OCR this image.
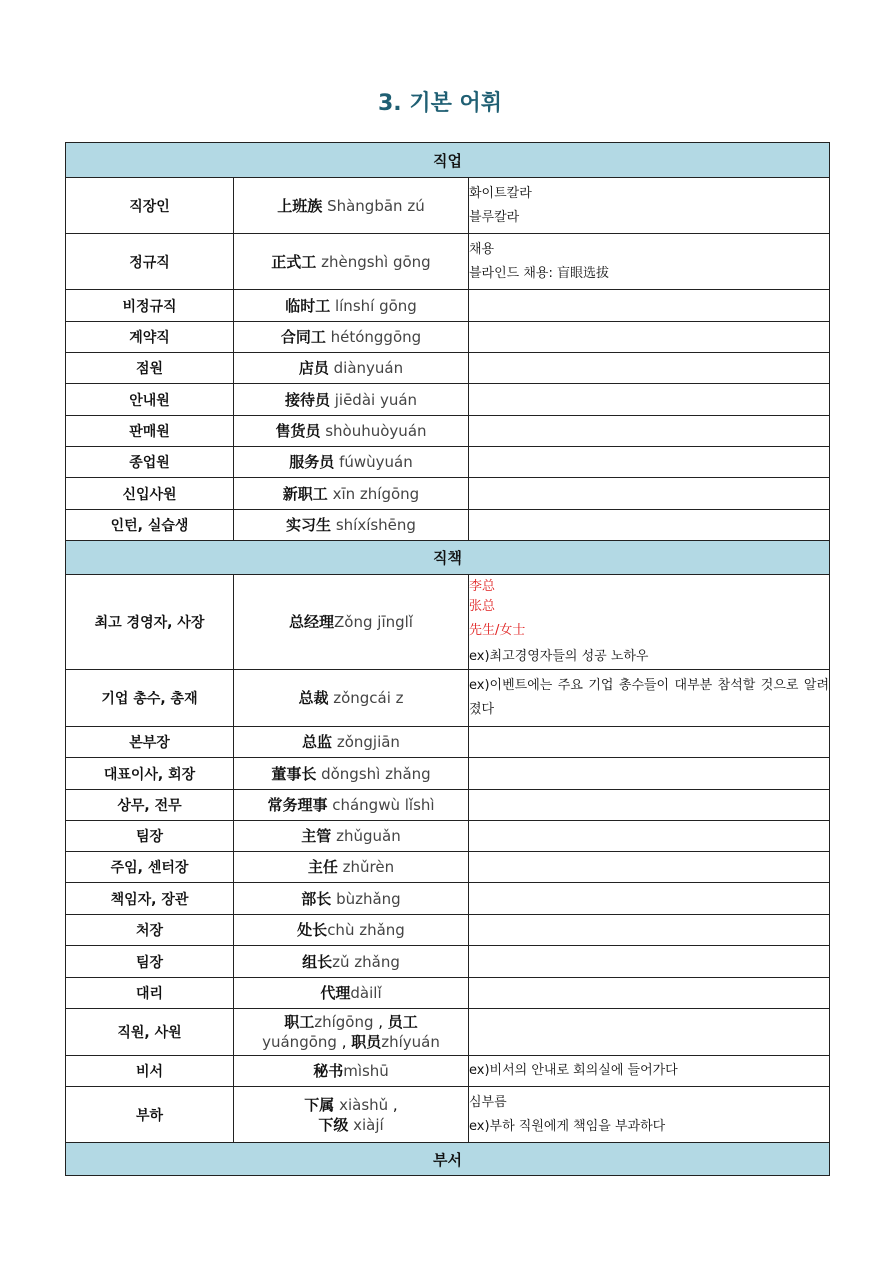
3. 기본 어휘
직업		
직장인	上班族 Shàngbān zú	화이트칼라
블루칼라

정규직	正式工 zhèngshì gōng	채용
블라인드 채용: 盲眼选拔

비정규직	临时工 línshí gōng	
계약직	合同工 hétónggōng	
점원	店员 diànyuán	
안내원	接待员 jiēdài yuán	
판매원	售货员 shòuhuòyuán	
종업원	服务员 fúwùyuán	
신입사원	新职工 xīn zhígōng	
인턴, 실습생	实习生 shíxíshēng	
직책		
최고 경영자, 사장	总经理Zǒng jīnglǐ	李总
张总
先生/女士
ex)최고경영자들의 성공 노하우

기업 총수, 총재	总裁 zǒngcái z	ex)이벤트에는 주요 기업 총수들이 대부분 참석할 것으로 알려졌다
본부장	总监 zǒngjiān	
대표이사, 회장	董事长 dǒngshì zhǎng	
상무, 전무	常务理事 chángwù lǐshì	
팀장	主管 zhǔguǎn	
주임, 센터장	主任 zhǔrèn	
책임자, 장관	部长 bùzhǎng	
처장	处长chù zhǎng	
팀장	组长zǔ zhǎng	
대리	代理dàilǐ	
직원, 사원	职工zhígōng , 员工
yuángōng , 职员zhíyuán	
비서	秘书mìshū	ex)비서의 안내로 회의실에 들어가다
부하	下属 xiàshǔ ,
下级 xiàjí	심부름
ex)부하 직원에게 책임을 부과하다

부서		
